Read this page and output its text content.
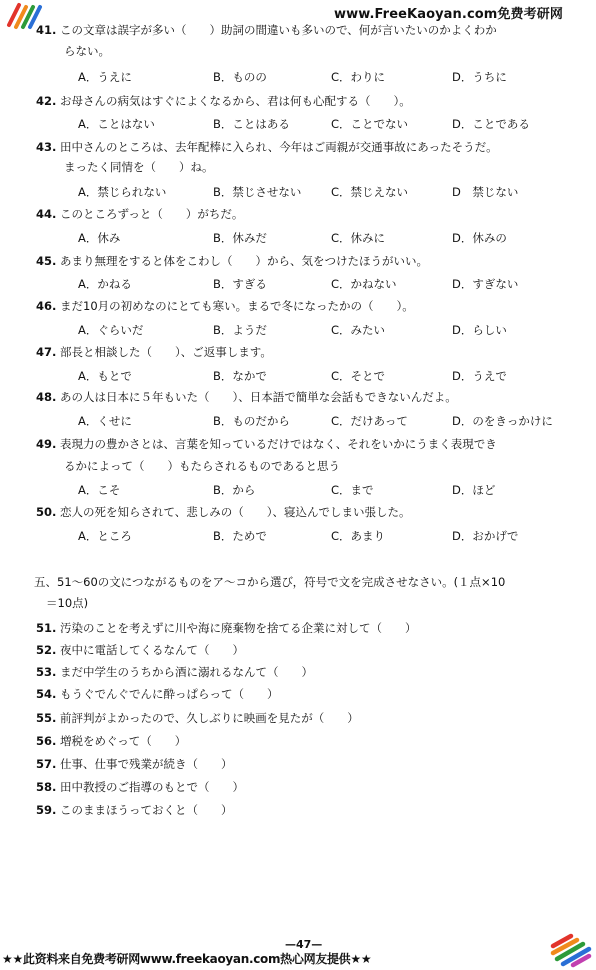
www.FreeKaoyan.com免费考研网
41. この文章は誤字が多い（　　）助詞の間違いも多いので、何が言いたいのかよくわか
らない。
A．うえに	B．ものの	C．わりに	D．うちに
42. お母さんの病気はすぐによくなるから、君は何も心配する（　　）。
A．ことはない	B．ことはある	C．ことでない	D．ことである
43. 田中さんのところは、去年配棒に入られ、今年はご両親が交通事故にあったそうだ。
まったく同情を（　　）ね。
A．禁じられない	B．禁じさせない	C．禁じえない	D　禁じない
44. このところずっと（　　）がちだ。
A．休み	B．休みだ	C．休みに	D．休みの
45. あまり無理をすると体をこわし（　　）から、気をつけたほうがいい。
A．かねる	B．すぎる	C．かねない	D．すぎない
46. まだ10月の初めなのにとても寒い。まるで冬になったかの（　　）。
A．ぐらいだ	B．ようだ	C．みたい	D．らしい
47. 部長と相談した（　　）、ご返事します。
A．もとで	B．なかで	C．そとで	D．うえで
48. あの人は日本に５年もいた（　　）、日本語で簡単な会話もできないんだよ。
A．くせに	B．ものだから	C．だけあって	D．のをきっかけに
49. 表現力の豊かさとは、言葉を知っているだけではなく、それをいかにうまく表現でき
るかによって（　　）もたらされるものであると思う
A．こそ	B．から	C．まで	D．ほど
50. 恋人の死を知らされて、悲しみの（　　）、寝込んでしまい張した。
A．ところ	B．ためで	C．あまり	D．おかげで
五、51～60の文につながるものをア～コから選び，符号で文を完成させなさい。(１点×10
＝10点)
51. 汚染のことを考えずに川や海に廃棄物を捨てる企業に対して（　　）
52. 夜中に電話してくるなんて（　　）
53. まだ中学生のうちから酒に溺れるなんて（　　）
54. もうぐでんぐでんに酔っぱらって（　　）
55. 前評判がよかったので、久しぶりに映画を見たが（　　）
56. 増税をめぐって（　　）
57. 仕事、仕事で残業が続き（　　）
58. 田中教授のご指導のもとで（　　）
59. このままほうっておくと（　　）
—47—
★★此资料来自免费考研网www.freekaoyan.com热心网友提供★★
